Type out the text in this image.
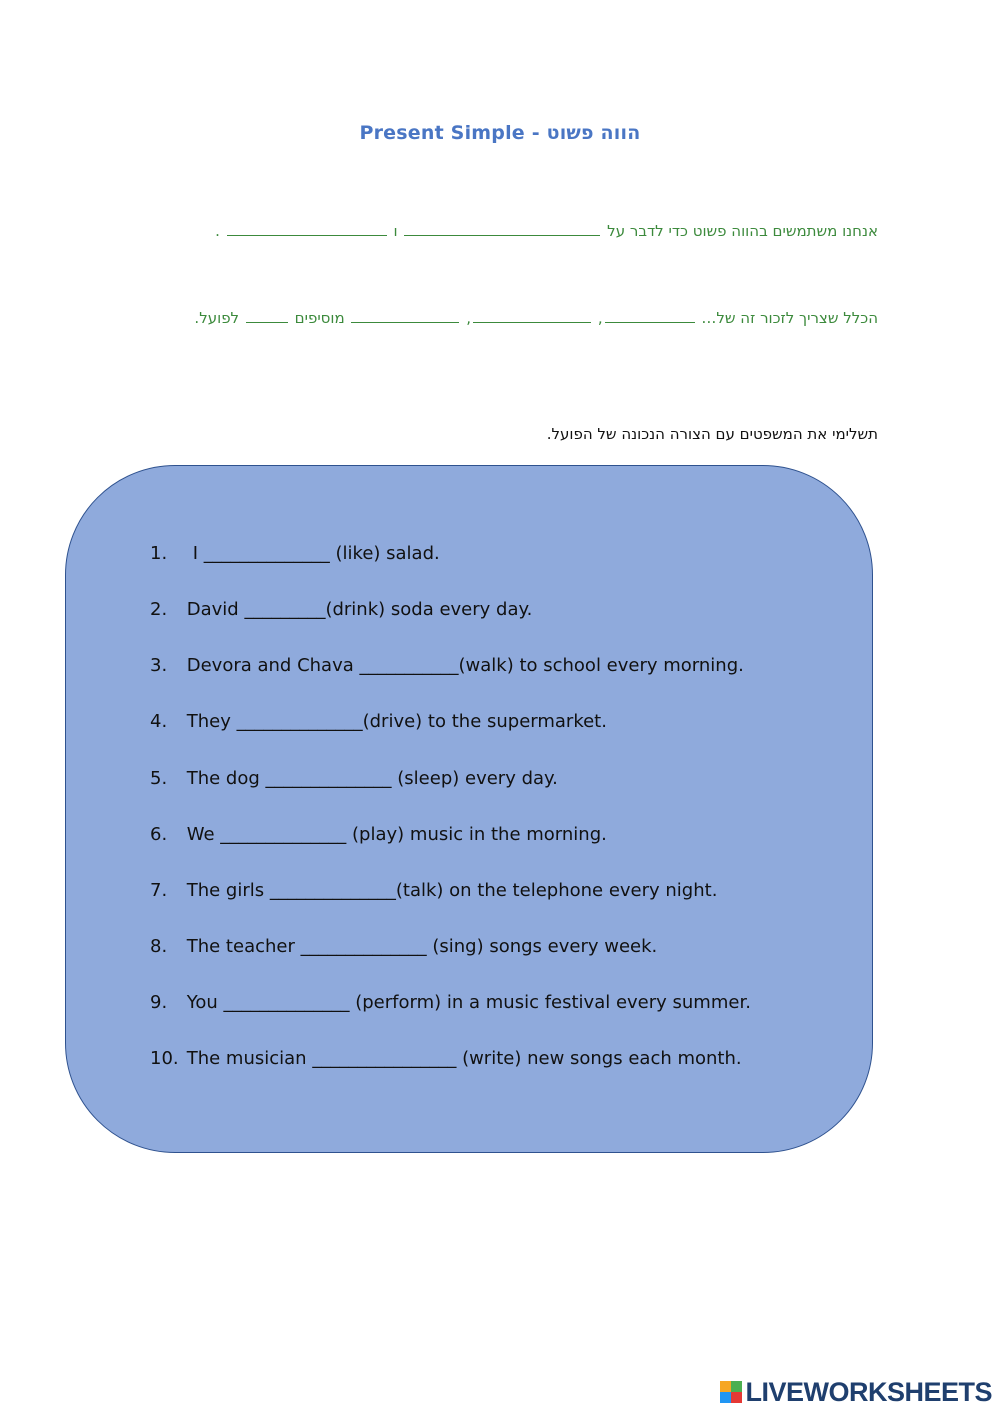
Present Simple - הווה פשוט
אנחנו משתמשים בהווה פשוט כדי לדבר על  ו  .
הכלל שצריך לזכור זה של… , ,  מוסיפים  לפועל.
תשלימי את המשפטים עם הצורה הנכונה של הפועל.
1. I ______________ (like) salad.
2. David _________(drink) soda every day.
3. Devora and Chava ___________(walk) to school every morning.
4. They ______________(drive) to the supermarket.
5. The dog ______________ (sleep) every day.
6. We ______________ (play) music in the morning.
7. The girls ______________(talk) on the telephone every night.
8. The teacher ______________ (sing) songs every week.
9. You ______________ (perform) in a music festival every summer.
10. The musician ________________ (write) new songs each month.
LIVEWORKSHEETS
